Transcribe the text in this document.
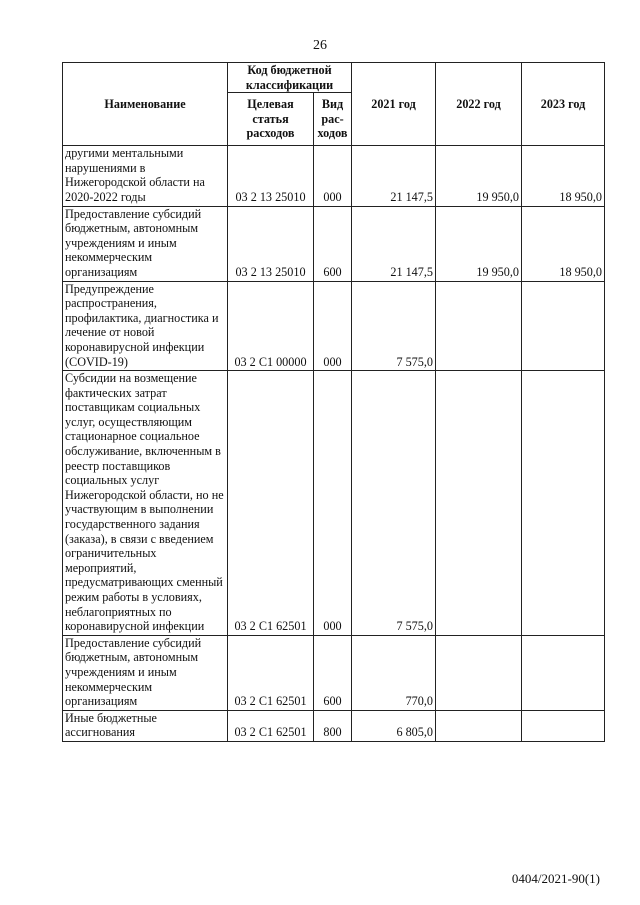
26
Наименование	Код бюджетной классификации		2021 год	2022 год	2023 год
	Целевая статья расходов	Вид рас-ходов			
другими ментальными нарушениями в Нижегородской области на 2020-2022 годы	03 2 13 25010	000	21 147,5	19 950,0	18 950,0
Предоставление субсидий бюджетным, автономным учреждениям и иным некоммерческим организациям	03 2 13 25010	600	21 147,5	19 950,0	18 950,0
Предупреждение распространения, профилактика, диагностика и лечение от новой коронавирусной инфекции (COVID-19)	03 2 C1 00000	000	7 575,0		
Субсидии на возмещение фактических затрат поставщикам социальных услуг, осуществляющим стационарное социальное обслуживание, включенным в реестр поставщиков социальных услуг Нижегородской области, но не участвующим в выполнении государственного задания (заказа), в связи с введением ограничительных мероприятий, предусматривающих сменный режим работы в условиях, неблагоприятных по коронавирусной инфекции	03 2 C1 62501	000	7 575,0		
Предоставление субсидий бюджетным, автономным учреждениям и иным некоммерческим организациям	03 2 C1 62501	600	770,0		
Иные бюджетные ассигнования	03 2 C1 62501	800	6 805,0		
0404/2021-90(1)
